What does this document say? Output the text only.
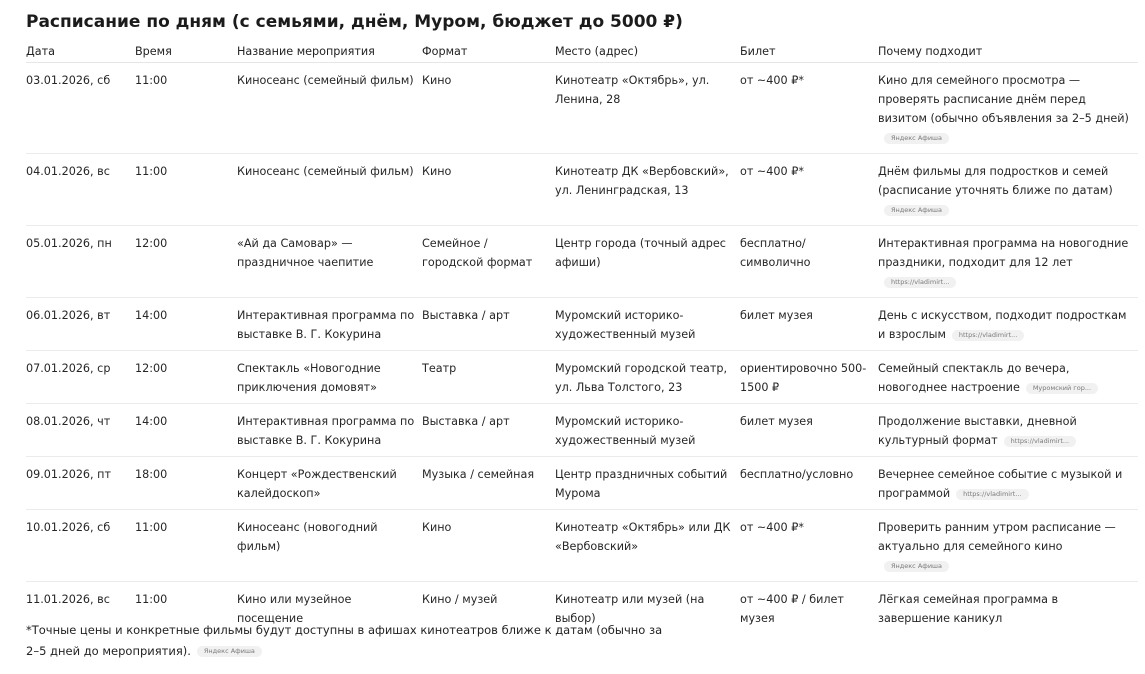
Расписание по дням (с семьями, днём, Муром, бюджет до 5000 ₽)
Дата	Время	Название мероприятия	Формат	Место (адрес)	Билет	Почему подходит
03.01.2026, сб	11:00	Киносеанс (семейный фильм)	Кино	Кинотеатр «Октябрь», ул. Ленина, 28	от ~400 ₽*	Кино для семейного просмотра — проверять расписание днём перед визитом (обычно объявления за 2–5 дней)Яндекс Афиша
04.01.2026, вс	11:00	Киносеанс (семейный фильм)	Кино	Кинотеатр ДК «Вербовский», ул. Ленинградская, 13	от ~400 ₽*	Днём фильмы для подростков и семей (расписание уточнять ближе по датам)Яндекс Афиша
05.01.2026, пн	12:00	«Ай да Самовар» — праздничное чаепитие	Семейное / городской формат	Центр города (точный адрес афиши)	бесплатно/ символично	Интерактивная программа на новогодние праздники, подходит для 12 летhttps://vladimirt...
06.01.2026, вт	14:00	Интерактивная программа по выставке В. Г. Кокурина	Выставка / арт	Муромский историко-художественный музей	билет музея	День с искусством, подходит подросткам и взрослым https://vladimirt...
07.01.2026, ср	12:00	Спектакль «Новогодние приключения домовят»	Театр	Муромский городской театр, ул. Льва Толстого, 23	ориентировочно 500-1500 ₽	Семейный спектакль до вечера, новогоднее настроение Муромский гор...
08.01.2026, чт	14:00	Интерактивная программа по выставке В. Г. Кокурина	Выставка / арт	Муромский историко-художественный музей	билет музея	Продолжение выставки, дневной культурный формат https://vladimirt...
09.01.2026, пт	18:00	Концерт «Рождественский калейдоскоп»	Музыка / семейная	Центр праздничных событий Мурома	бесплатно/условно	Вечернее семейное событие с музыкой и программой https://vladimirt...
10.01.2026, сб	11:00	Киносеанс (новогодний фильм)	Кино	Кинотеатр «Октябрь» или ДК «Вербовский»	от ~400 ₽*	Проверить ранним утром расписание — актуально для семейного киноЯндекс Афиша
11.01.2026, вс	11:00	Кино или музейное посещение	Кино / музей	Кинотеатр или музей (на выбор)	от ~400 ₽ / билет музея	Лёгкая семейная программа в завершение каникул
*Точные цены и конкретные фильмы будут доступны в афишах кинотеатров ближе к датам (обычно за 2–5 дней до мероприятия). Яндекс Афиша
